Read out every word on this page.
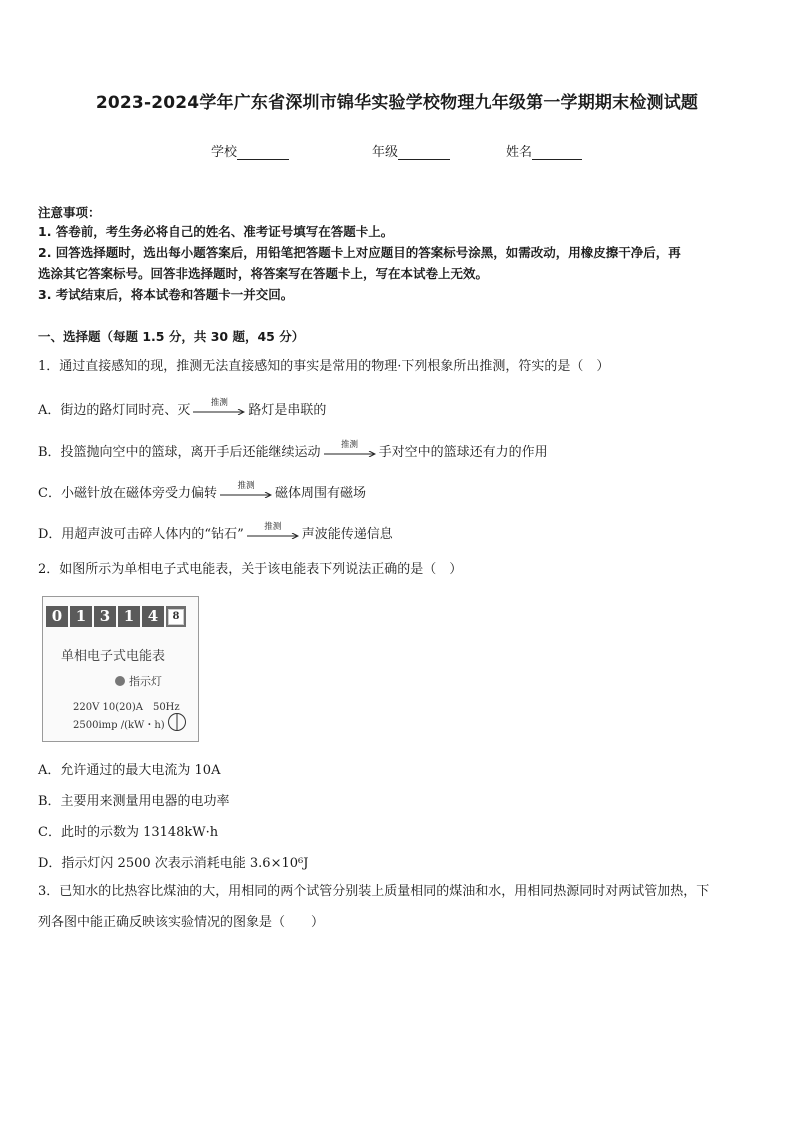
2023-2024学年广东省深圳市锦华实验学校物理九年级第一学期期末检测试题
学校	年级	姓名
注意事项：
1. 答卷前，考生务必将自己的姓名、准考证号填写在答题卡上。
2. 回答选择题时，选出每小题答案后，用铅笔把答题卡上对应题目的答案标号涂黑，如需改动，用橡皮擦干净后，再
选涂其它答案标号。回答非选择题时，将答案写在答题卡上，写在本试卷上无效。
3. 考试结束后，将本试卷和答题卡一并交回。
一、选择题（每题 1.5 分，共 30 题，45 分）
1．通过直接感知的现，推测无法直接感知的事实是常用的物理·下列根象所出推测，符实的是（　）
A．街边的路灯同时亮、灭
推测
路灯是串联的
B．投篮抛向空中的篮球，离开手后还能继续运动
推测
手对空中的篮球还有力的作用
C．小磁针放在磁体旁受力偏转
推测
磁体周围有磁场
D．用超声波可击碎人体内的“钻石”
推测
声波能传递信息
2．如图所示为单相电子式电能表，关于该电能表下列说法正确的是（　）
0 1 3 1 4	8
单相电子式电能表
指示灯
220V 10(20)A　50Hz
2500imp /(kW・h)
A．允许通过的最大电流为 10A
B．主要用来测量用电器的电功率
C．此时的示数为 13148kW·h
D．指示灯闪 2500 次表示消耗电能 3.6×10⁶J
3．已知水的比热容比煤油的大，用相同的两个试管分别装上质量相同的煤油和水，用相同热源同时对两试管加热，下
列各图中能正确反映该实验情况的图象是（　　）
